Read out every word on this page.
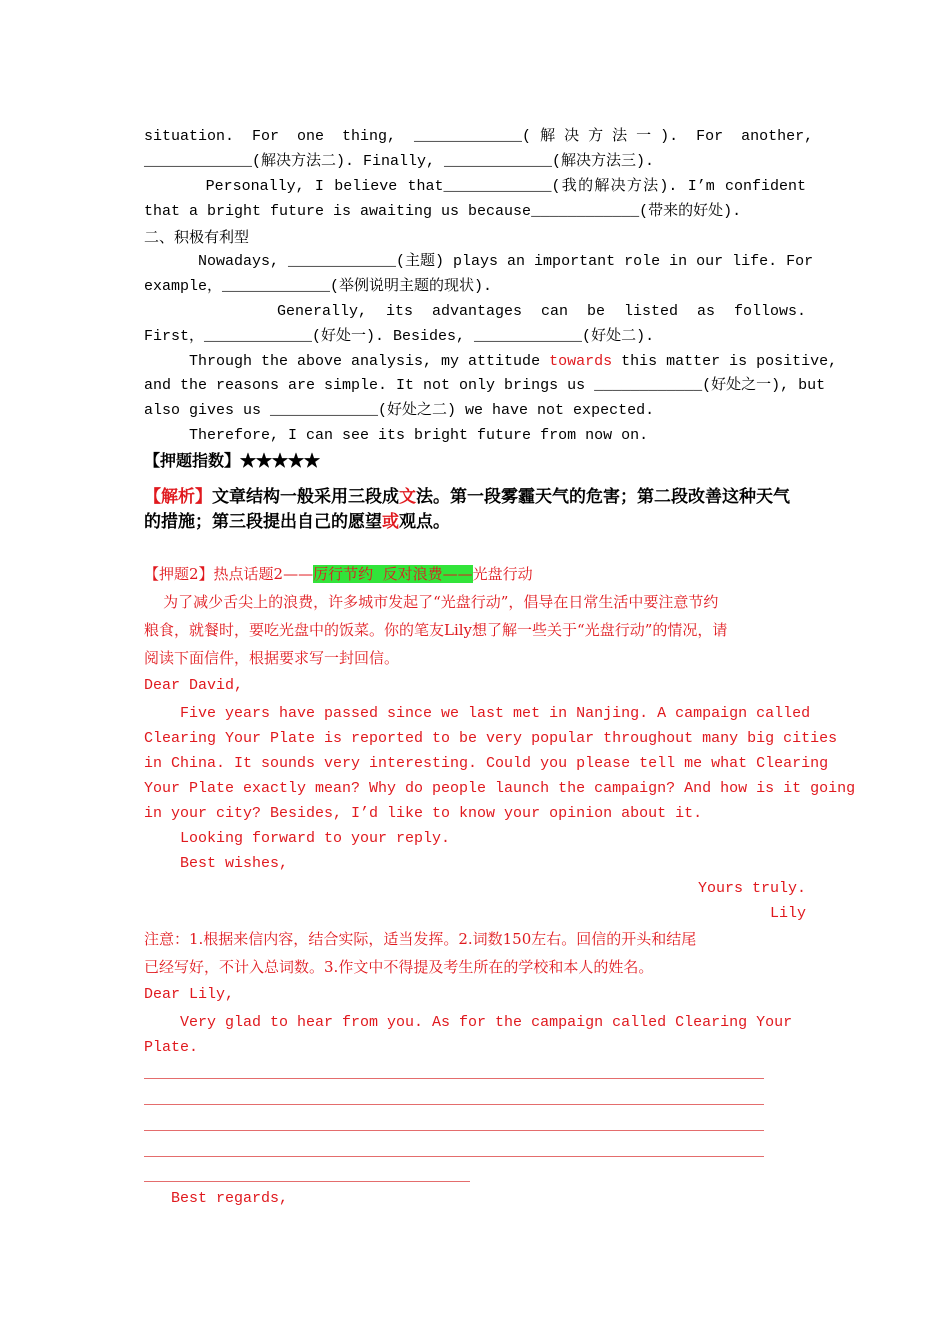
situation.  For  one  thing,  ____________( 解 决 方 法 一 ).  For  another,
____________(解决方法二). Finally, ____________(解决方法三).
Personally, I believe that____________(我的解决方法). I’m confident
that a bright future is awaiting us because____________(带来的好处).
二、积极有利型
Nowadays, ____________(主题) plays an important role in our life. For
example，____________(举例说明主题的现状).
Generally,  its  advantages  can  be  listed  as  follows.
First，____________(好处一). Besides, ____________(好处二).
Through the above analysis, my attitude towards this matter is positive,
and the reasons are simple. It not only brings us ____________(好处之一), but
also gives us ____________(好处之二) we have not expected.
Therefore, I can see its bright future from now on.
【押题指数】★★★★★
【解析】文章结构一般采用三段成文法。第一段雾霾天气的危害；第二段改善这种天气
的措施；第三段提出自己的愿望或观点。
【押题2】热点话题2——厉行节约  反对浪费——光盘行动
为了减少舌尖上的浪费，许多城市发起了“光盘行动”，倡导在日常生活中要注意节约
粮食，就餐时，要吃光盘中的饭菜。你的笔友Lily想了解一些关于“光盘行动”的情况，请
阅读下面信件，根据要求写一封回信。
Dear David,
Five years have passed since we last met in Nanjing. A campaign called
Clearing Your Plate is reported to be very popular throughout many big cities
in China. It sounds very interesting. Could you please tell me what Clearing
Your Plate exactly mean? Why do people launch the campaign? And how is it going
in your city? Besides, I’d like to know your opinion about it.
Looking forward to your reply.
Best wishes,
Yours truly.
Lily
注意：1.根据来信内容，结合实际，适当发挥。2.词数150左右。回信的开头和结尾
已经写好，不计入总词数。3.作文中不得提及考生所在的学校和本人的姓名。
Dear Lily,
Very glad to hear from you. As for the campaign called Clearing Your
Plate.
Best regards,
